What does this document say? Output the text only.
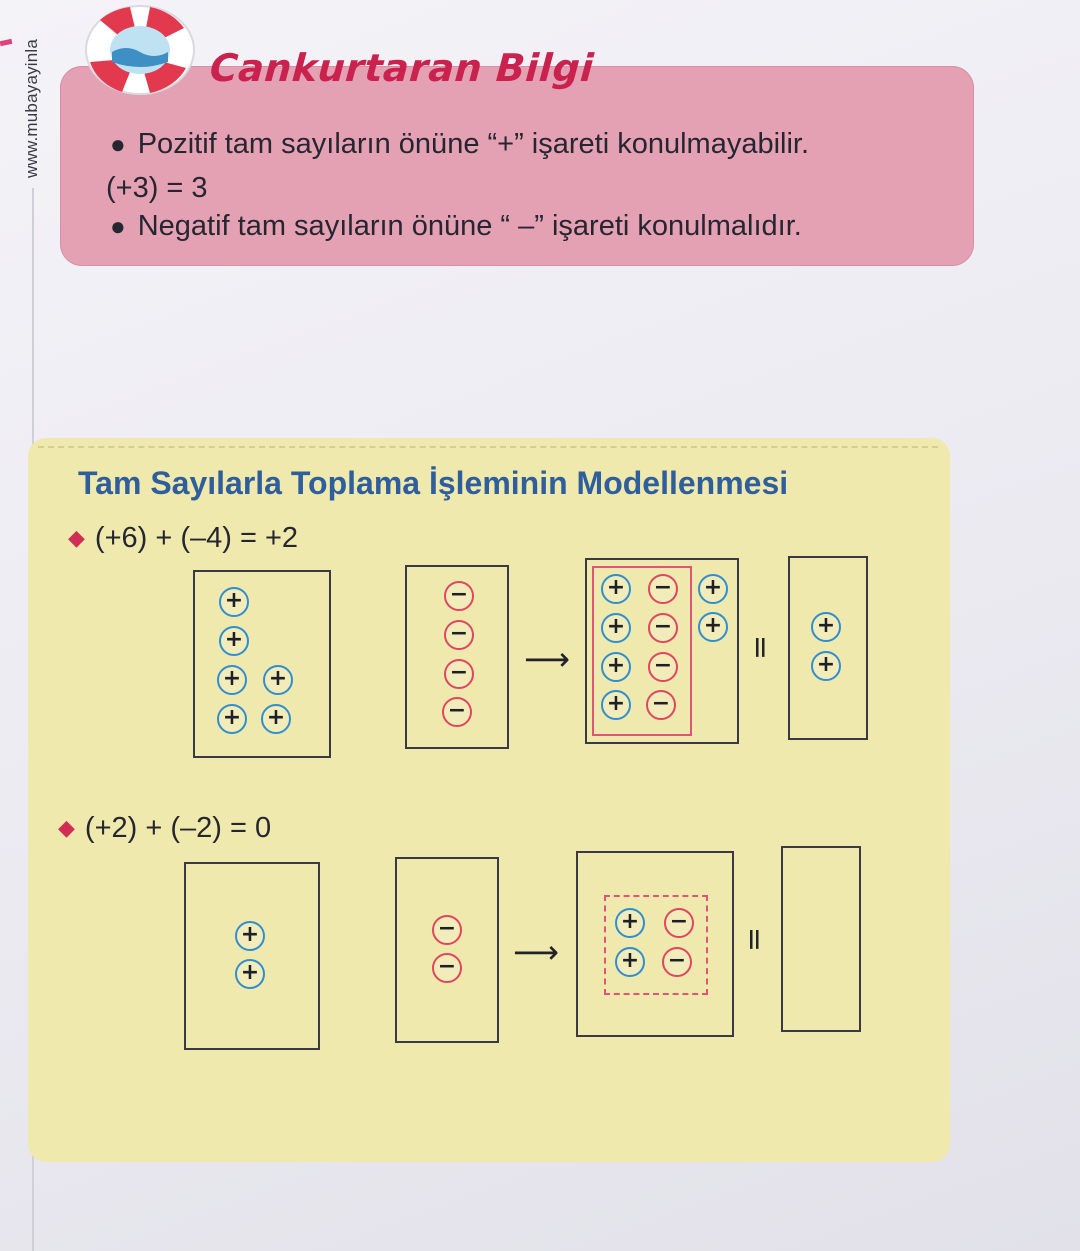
www.mubayayinla	Cankurtaran Bilgi
● Pozitif tam sayıların önüne “+” işareti konulmayabilir.
(+3) = 3
● Negatif tam sayıların önüne “ –” işareti konulmalıdır.
Tam Sayılarla Toplama İşleminin Modellenmesi
◆ (+6) + (–4) = +2
+
+
+ +
+ +
−
−
−
−
⟶
+ −
+ −
+ −
+ −
+
+
=
+
+
◆ (+2) + (–2) = 0
+
+
−
− ⟶
+ −
+ −
=
